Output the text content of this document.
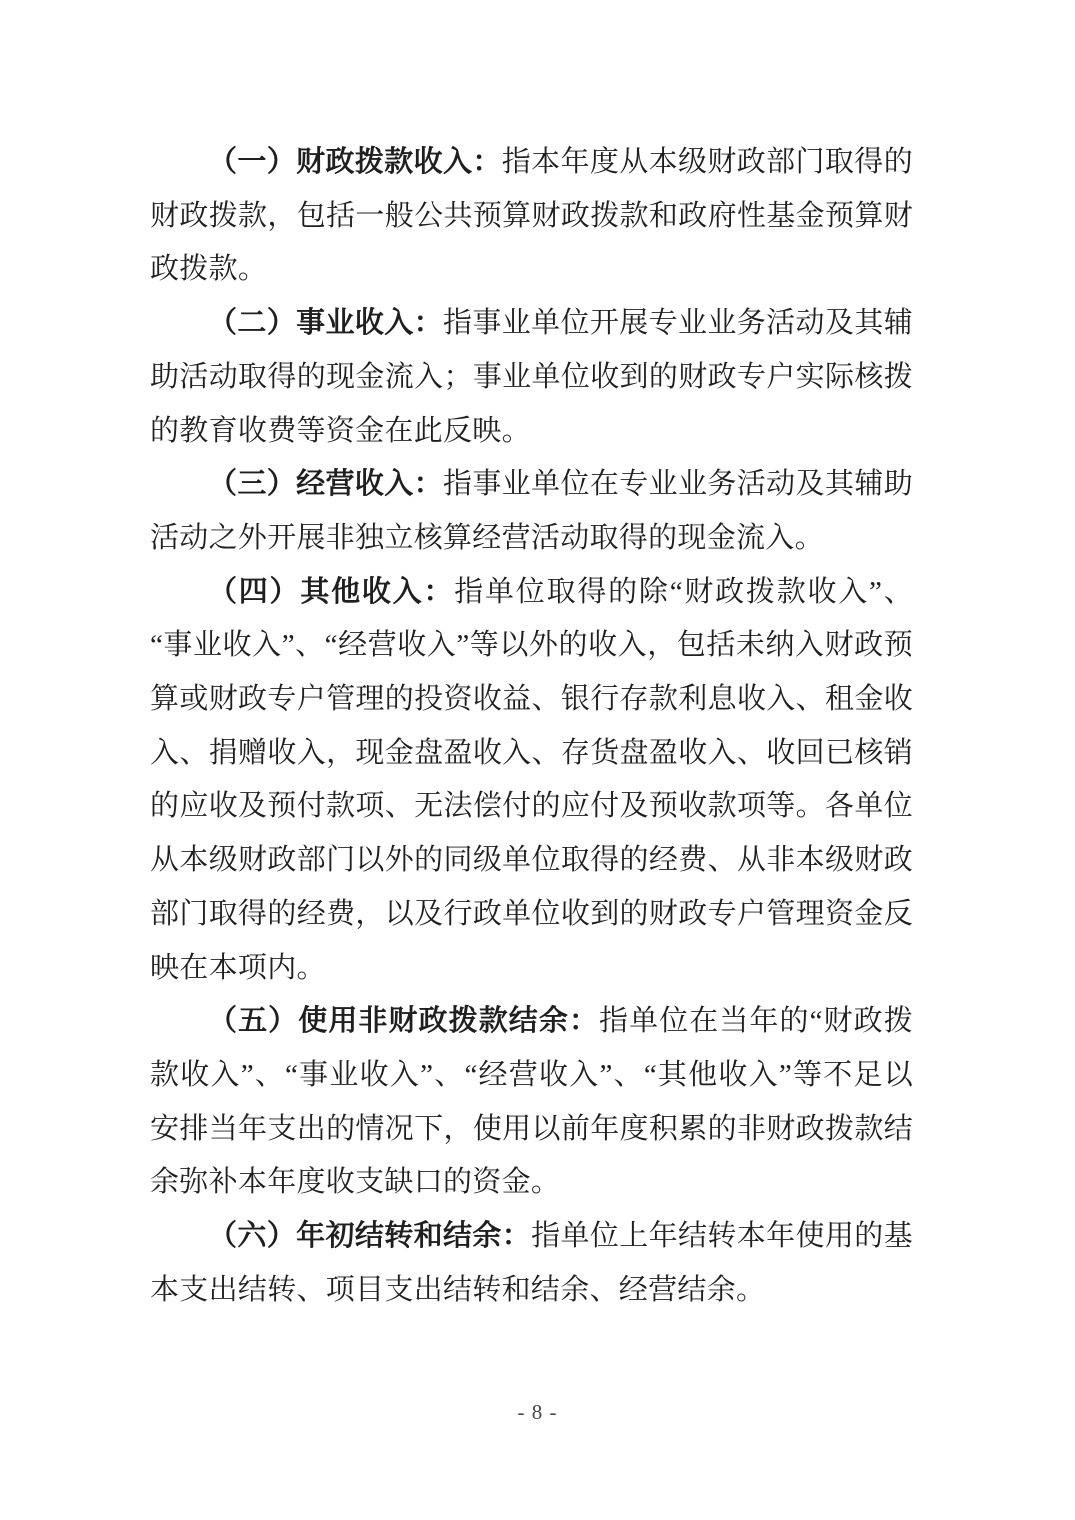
（一）财政拨款收入：指本年度从本级财政部门取得的财政拨款，包括一般公共预算财政拨款和政府性基金预算财政拨款。

（二）事业收入：指事业单位开展专业业务活动及其辅助活动取得的现金流入；事业单位收到的财政专户实际核拨的教育收费等资金在此反映。

（三）经营收入：指事业单位在专业业务活动及其辅助活动之外开展非独立核算经营活动取得的现金流入。

（四）其他收入：指单位取得的除“财政拨款收入”、“事业收入”、“经营收入”等以外的收入，包括未纳入财政预算或财政专户管理的投资收益、银行存款利息收入、租金收入、捐赠收入，现金盘盈收入、存货盘盈收入、收回已核销的应收及预付款项、无法偿付的应付及预收款项等。各单位从本级财政部门以外的同级单位取得的经费、从非本级财政部门取得的经费，以及行政单位收到的财政专户管理资金反映在本项内。

（五）使用非财政拨款结余：指单位在当年的“财政拨款收入”、“事业收入”、“经营收入”、“其他收入”等不足以安排当年支出的情况下，使用以前年度积累的非财政拨款结余弥补本年度收支缺口的资金。

（六）年初结转和结余：指单位上年结转本年使用的基本支出结转、项目支出结转和结余、经营结余。

- 8 -
